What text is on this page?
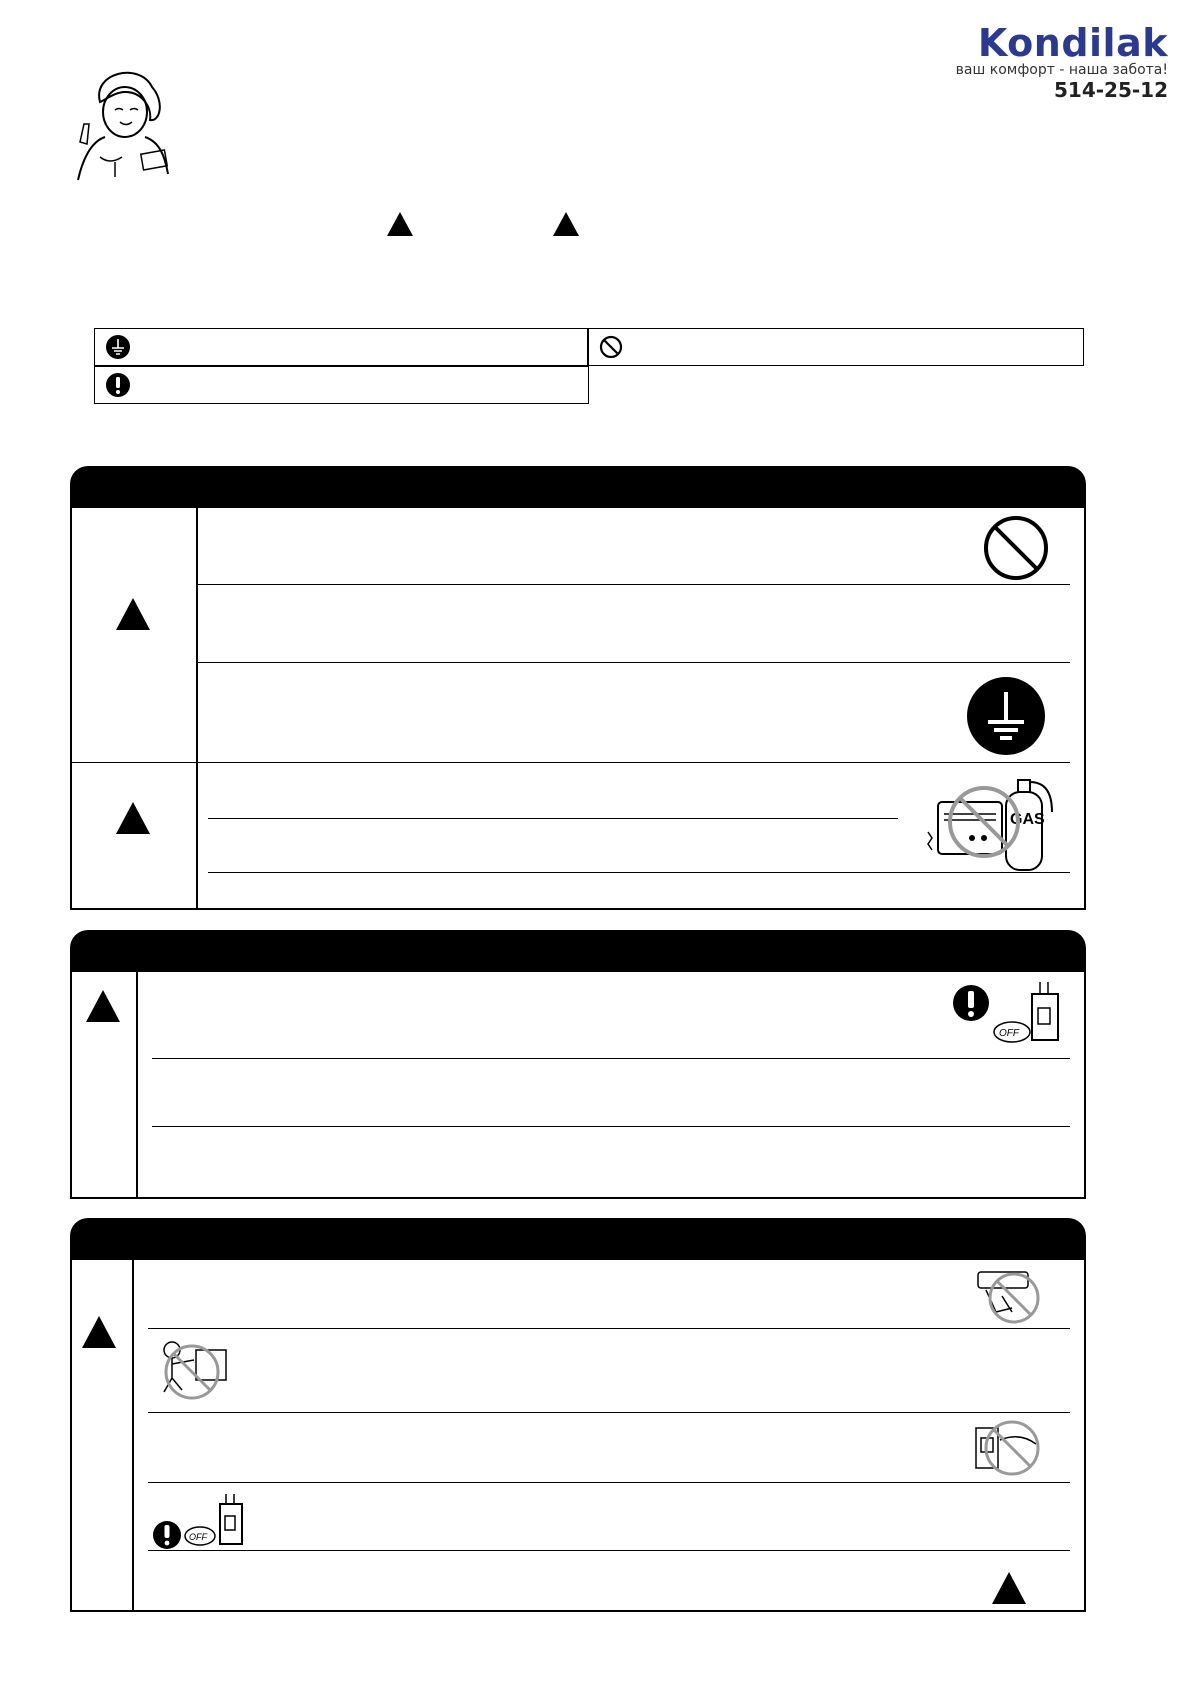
Kondilak
ваш комфорт - наша забота!
514-25-12
GAS
OFF
OFF
